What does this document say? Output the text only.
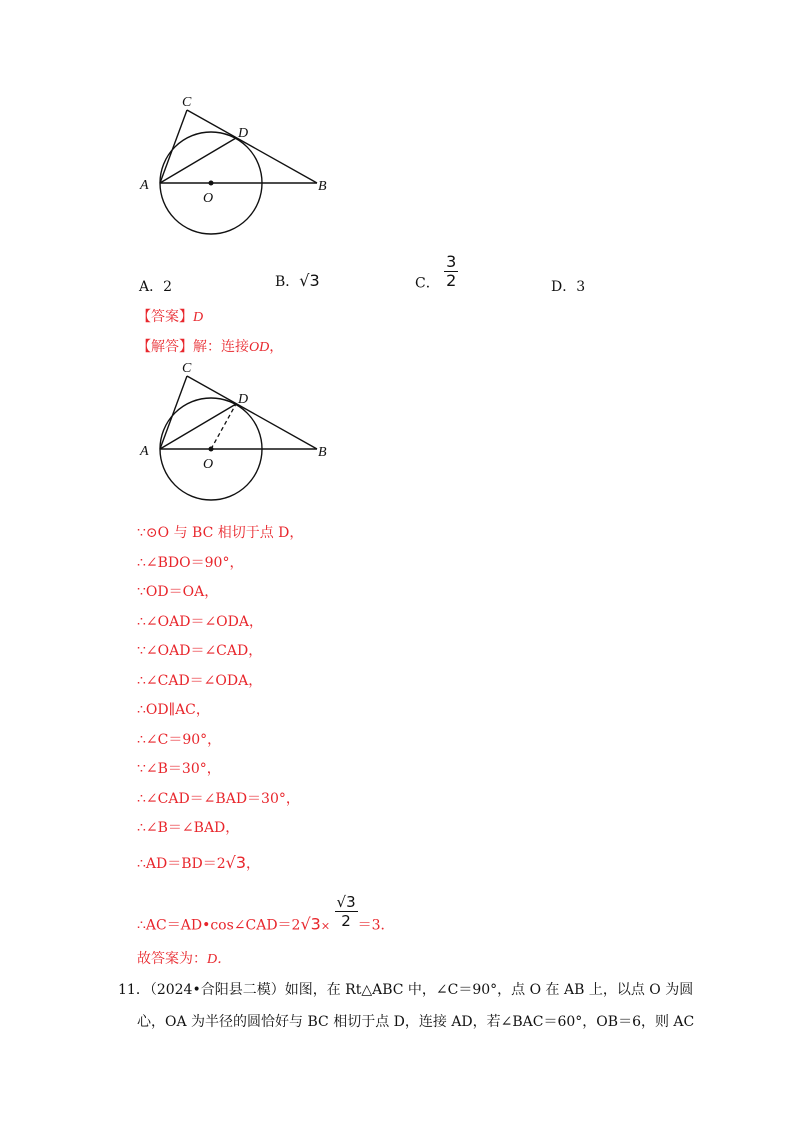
C
D
A
O
B
A．2	B．√3	C． $\frac{3}{2}$	D．3
【答案】D
【解答】解：连接OD，
C
D
A
O
B
∵⊙O 与 BC 相切于点 D，
∴∠BDO＝90°，
∵OD＝OA，
∴∠OAD＝∠ODA，
∵∠OAD＝∠CAD，
∴∠CAD＝∠ODA，
∴OD∥AC，
∴∠C＝90°，
∵∠B＝30°，
∴∠CAD＝∠BAD＝30°，
∴∠B＝∠BAD，
∴AD＝BD＝2√3，
$\therefore AC=AD•\cos\angle CAD=2√3_\times \frac{√3}{2} =3$．
故答案为：D．
11．（2024•合阳县二模）如图，在 Rt△ABC 中，∠C＝90°，点 O 在 AB 上，以点 O 为圆
心，OA 为半径的圆恰好与 BC 相切于点 D，连接 AD，若∠BAC＝60°，OB＝6，则 AC
